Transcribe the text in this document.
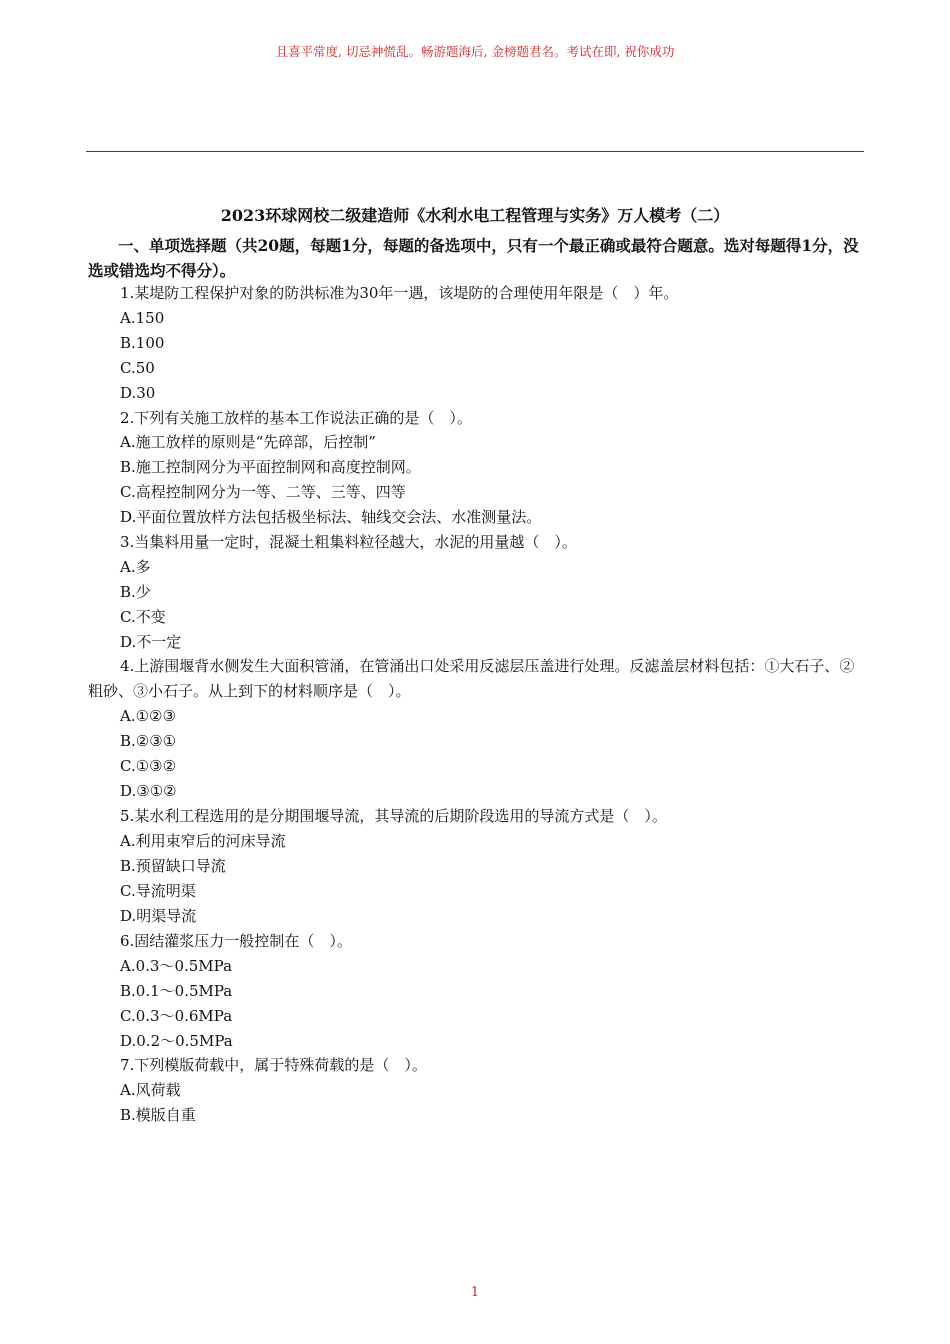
且喜平常度, 切忌神慌乱。畅游题海后, 金榜题君名。考试在即, 祝你成功
2023环球网校二级建造师《水利水电工程管理与实务》万人模考（二）
一、单项选择题（共20题，每题1分，每题的备选项中，只有一个最正确或最符合题意。选对每题得1分，没选或错选均不得分）。
1.某堤防工程保护对象的防洪标准为30年一遇，该堤防的合理使用年限是（　）年。
A.150
B.100
C.50
D.30
2.下列有关施工放样的基本工作说法正确的是（　）。
A.施工放样的原则是“先碎部，后控制”
B.施工控制网分为平面控制网和高度控制网。
C.高程控制网分为一等、二等、三等、四等
D.平面位置放样方法包括极坐标法、轴线交会法、水准测量法。
3.当集料用量一定时，混凝土粗集料粒径越大，水泥的用量越（　）。
A.多
B.少
C.不变
D.不一定
4.上游围堰背水侧发生大面积管涌，在管涌出口处采用反滤层压盖进行处理。反滤盖层材料包括：①大石子、②粗砂、③小石子。从上到下的材料顺序是（　）。
A.①②③
B.②③①
C.①③②
D.③①②
5.某水利工程选用的是分期围堰导流，其导流的后期阶段选用的导流方式是（　）。
A.利用束窄后的河床导流
B.预留缺口导流
C.导流明渠
D.明渠导流
6.固结灌浆压力一般控制在（　）。
A.0.3～0.5MPa
B.0.1～0.5MPa
C.0.3～0.6MPa
D.0.2～0.5MPa
7.下列模版荷载中，属于特殊荷载的是（　）。
A.风荷载
B.模版自重
1
